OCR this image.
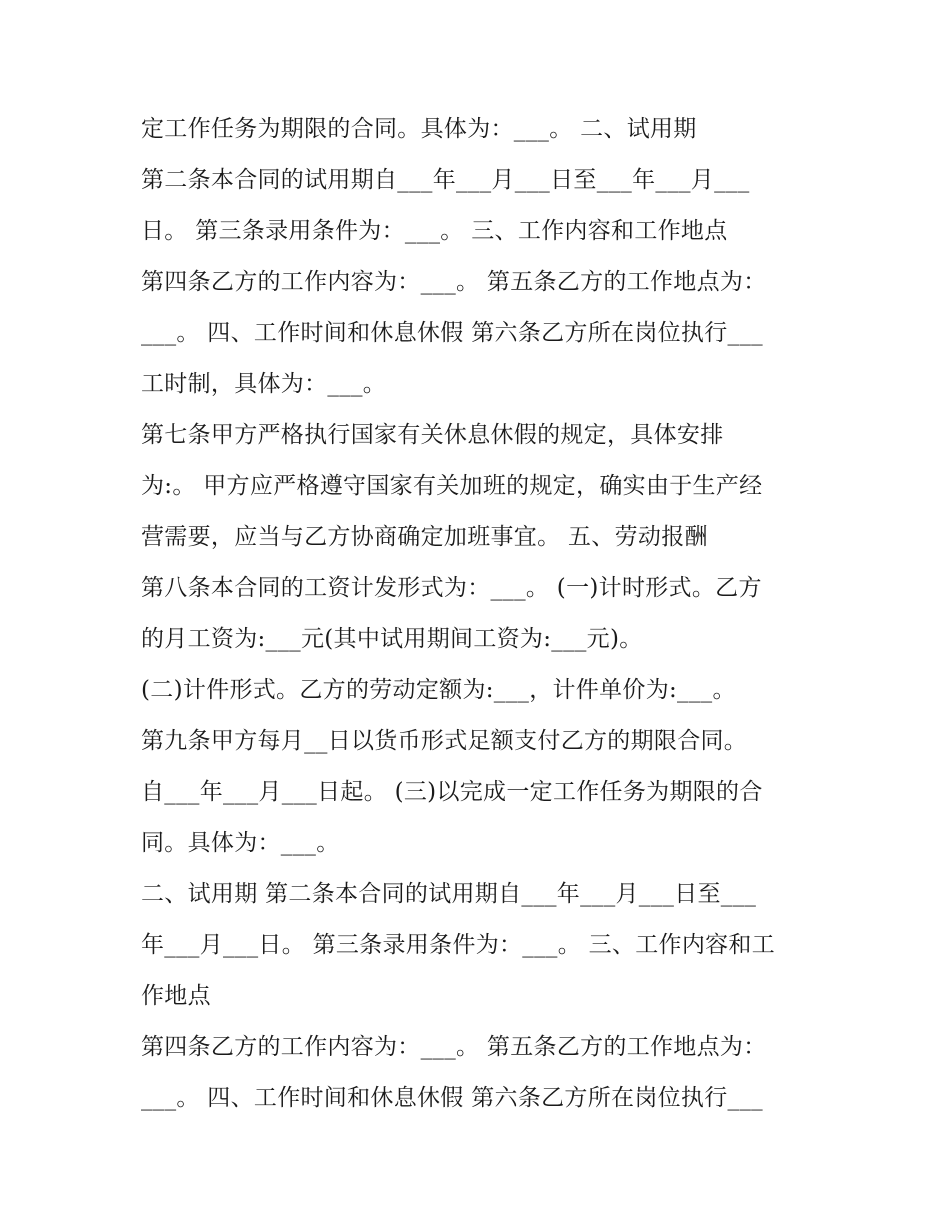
定工作任务为期限的合同。具体为：___。 二、试用期
第二条本合同的试用期自___年___月___日至___年___月___
日。 第三条录用条件为：___。 三、工作内容和工作地点
第四条乙方的工作内容为：___。 第五条乙方的工作地点为：
___。 四、工作时间和休息休假 第六条乙方所在岗位执行___
工时制，具体为：___。
第七条甲方严格执行国家有关休息休假的规定，具体安排
为:。 甲方应严格遵守国家有关加班的规定，确实由于生产经
营需要，应当与乙方协商确定加班事宜。 五、劳动报酬
第八条本合同的工资计发形式为：___。 (一)计时形式。乙方
的月工资为:___元(其中试用期间工资为:___元)。
(二)计件形式。乙方的劳动定额为:___，计件单价为:___。
第九条甲方每月__日以货币形式足额支付乙方的期限合同。
自___年___月___日起。 (三)以完成一定工作任务为期限的合
同。具体为：___。
二、试用期 第二条本合同的试用期自___年___月___日至___
年___月___日。 第三条录用条件为：___。 三、工作内容和工
作地点
第四条乙方的工作内容为：___。 第五条乙方的工作地点为：
___。 四、工作时间和休息休假 第六条乙方所在岗位执行___
